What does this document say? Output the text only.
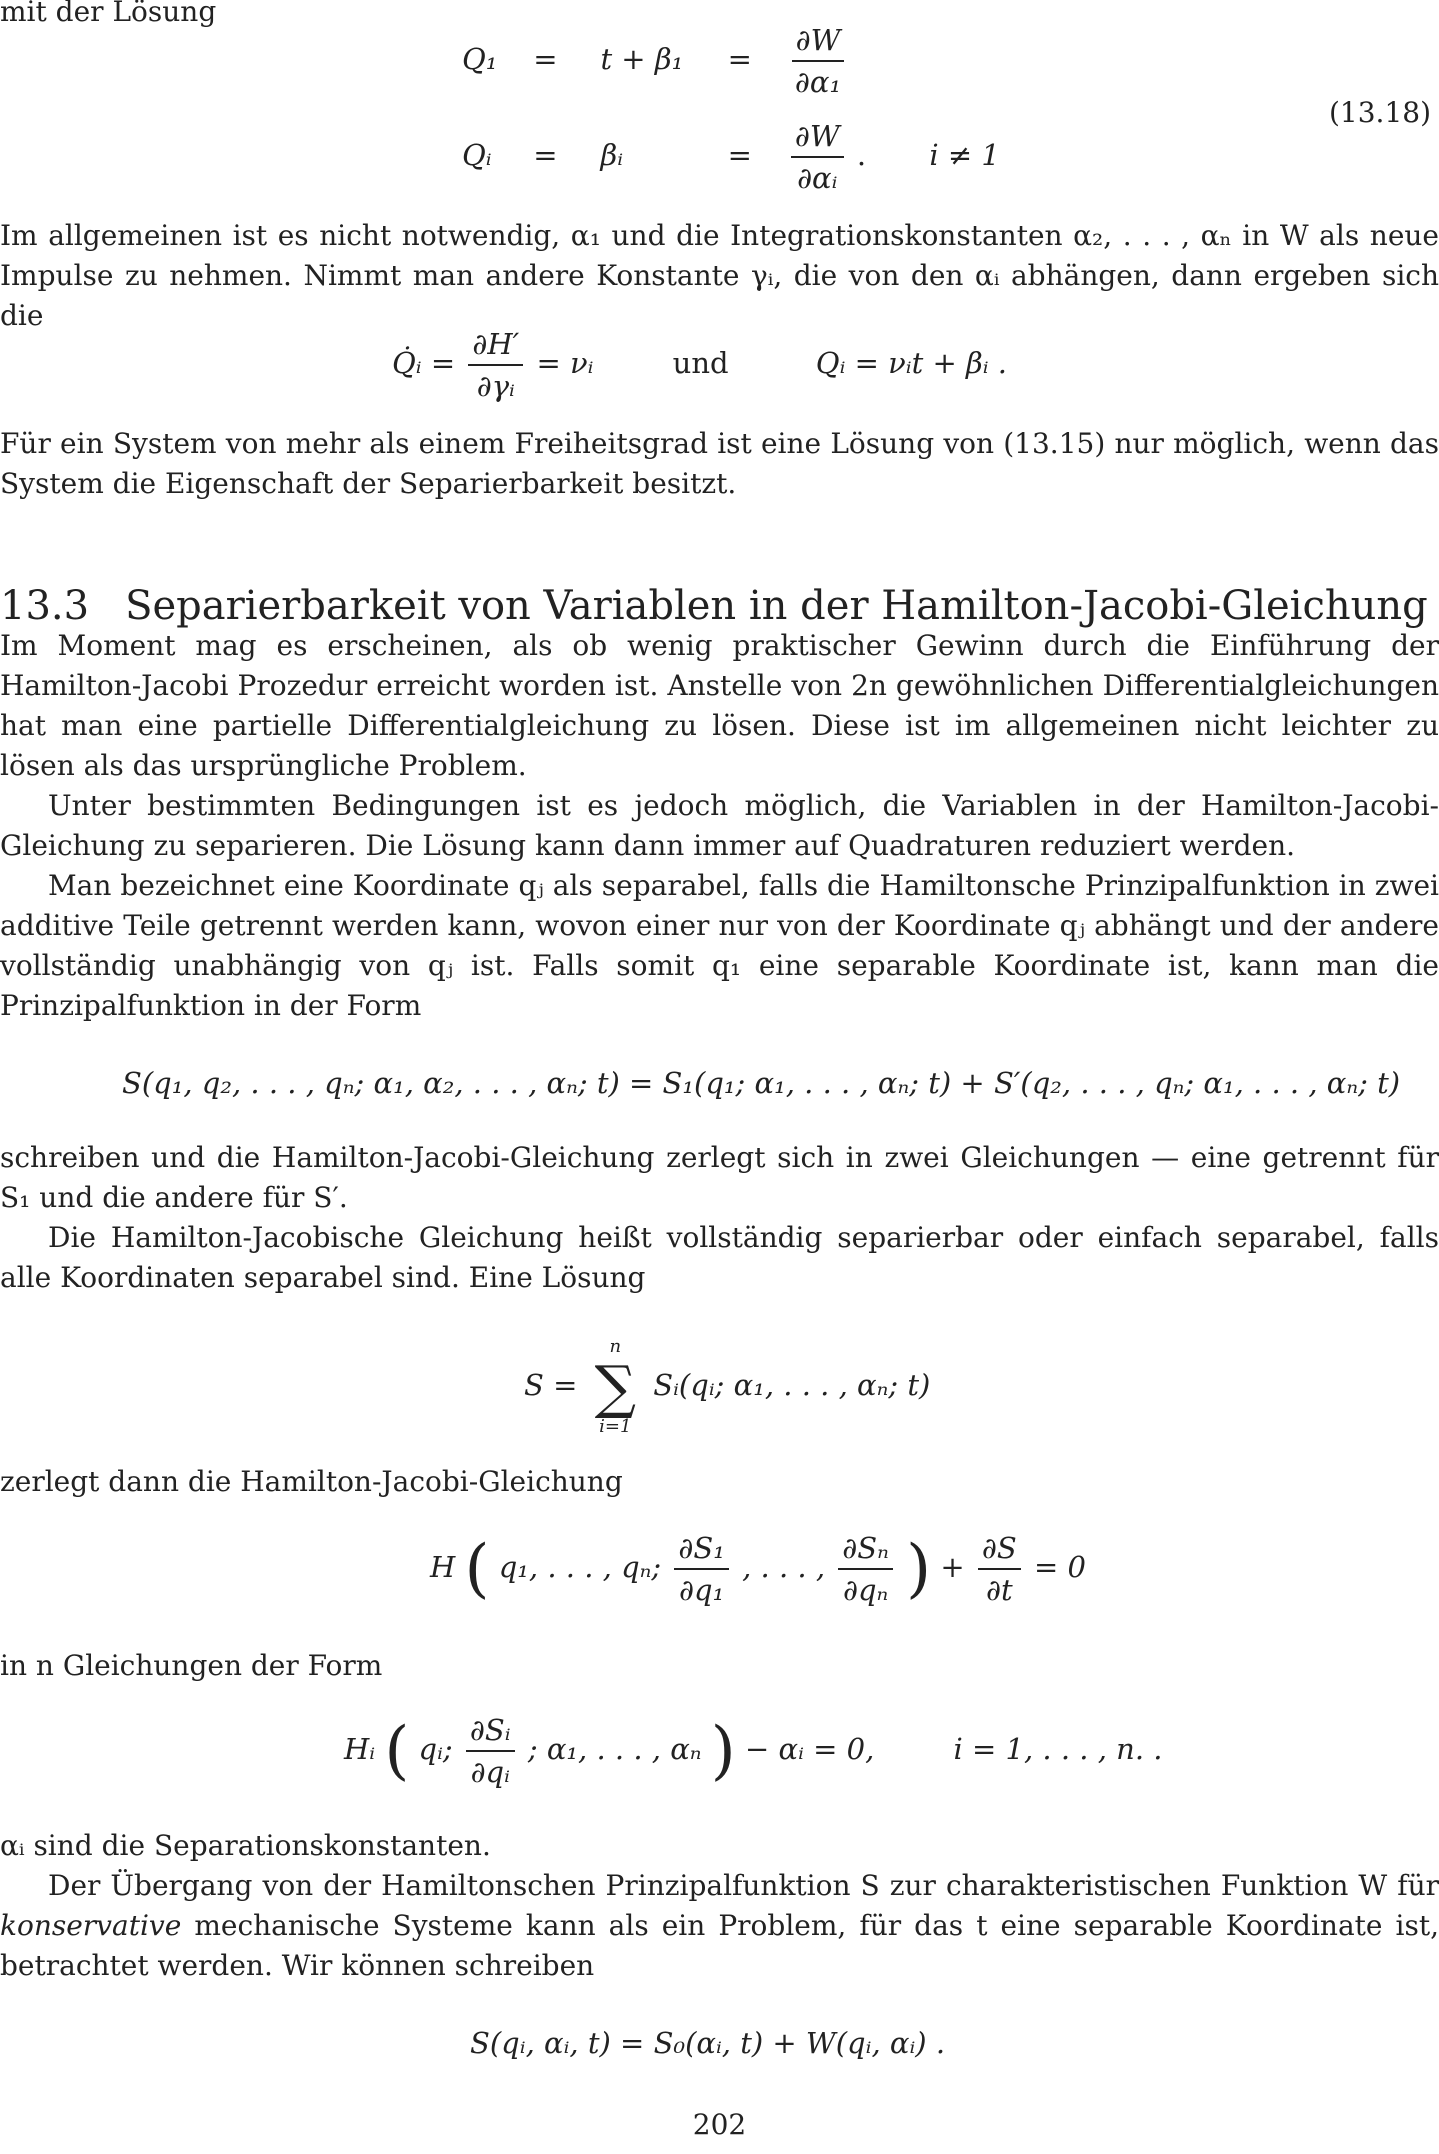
mit der Lösung
$Q_1 = t + \beta_1 = \frac{\partial W}{\text{∂α₁}}$
Qᵢ = βᵢ	= $\frac{\partial W}{\text{∂αᵢ}}$ . i ≠ 1
(13.18)

Im allgemeinen ist es nicht notwendig, α₁ und die Integrationskonstanten α₂, . . . , αₙ in W als neue Impulse zu nehmen. Nimmt man andere Konstante γᵢ, die von den αᵢ abhängen, dann ergeben sich die

Q̇ᵢ = $\frac{\partial H'}{\text{∂γᵢ}}$ = νᵢ	und	Qᵢ = νᵢt + βᵢ .

Für ein System von mehr als einem Freiheitsgrad ist eine Lösung von (13.15) nur möglich, wenn das System die Eigenschaft der Separierbarkeit besitzt.

13.3 Separierbarkeit von Variablen in der Hamilton-Jacobi-Gleichung

Im Moment mag es erscheinen, als ob wenig praktischer Gewinn durch die Einführung der Hamilton-Jacobi Prozedur erreicht worden ist. Anstelle von 2n gewöhnlichen Differentialgleichungen hat man eine partielle Differentialgleichung zu lösen. Diese ist im allgemeinen nicht leichter zu lösen als das ursprüngliche Problem.

Unter bestimmten Bedingungen ist es jedoch möglich, die Variablen in der Hamilton-Jacobi-Gleichung zu separieren. Die Lösung kann dann immer auf Quadraturen reduziert werden.

Man bezeichnet eine Koordinate qⱼ als separabel, falls die Hamiltonsche Prinzipalfunktion in zwei additive Teile getrennt werden kann, wovon einer nur von der Koordinate qⱼ abhängt und der andere vollständig unabhängig von qⱼ ist. Falls somit q₁ eine separable Koordinate ist, kann man die Prinzipalfunktion in der Form

S(q₁, q₂, . . . , qₙ; α₁, α₂, . . . , αₙ; t) = S₁(q₁; α₁, . . . , αₙ; t) + S′(q₂, . . . , qₙ; α₁, . . . , αₙ; t)

schreiben und die Hamilton-Jacobi-Gleichung zerlegt sich in zwei Gleichungen — eine getrennt für S₁ und die andere für S′.

Die Hamilton-Jacobische Gleichung heißt vollständig separierbar oder einfach separabel, falls alle Koordinaten separabel sind. Eine Lösung

S =
n
∑
i=1
Sᵢ(qᵢ; α₁, . . . , αₙ; t)

zerlegt dann die Hamilton-Jacobi-Gleichung

H ( q₁, . . . , qₙ; $\frac{\text{∂S₁}}{\text{∂q₁}}$ , . . . , $\frac{\text{∂Sₙ}}{\text{∂qₙ}}$ ) + $\frac{\partial S}{\partial t} = 0$

in n Gleichungen der Form

Hᵢ ( qᵢ; $\frac{\text{∂Sᵢ}}{\text{∂qᵢ}}$ ; α₁, . . . , αₙ ) − αᵢ = 0,	i = 1, . . . , n. .

αᵢ sind die Separationskonstanten.

Der Übergang von der Hamiltonschen Prinzipalfunktion S zur charakteristischen Funktion W für konservative mechanische Systeme kann als ein Problem, für das t eine separable Koordinate ist, betrachtet werden. Wir können schreiben

S(qᵢ, αᵢ, t) = S₀(αᵢ, t) + W(qᵢ, αᵢ) .
202
